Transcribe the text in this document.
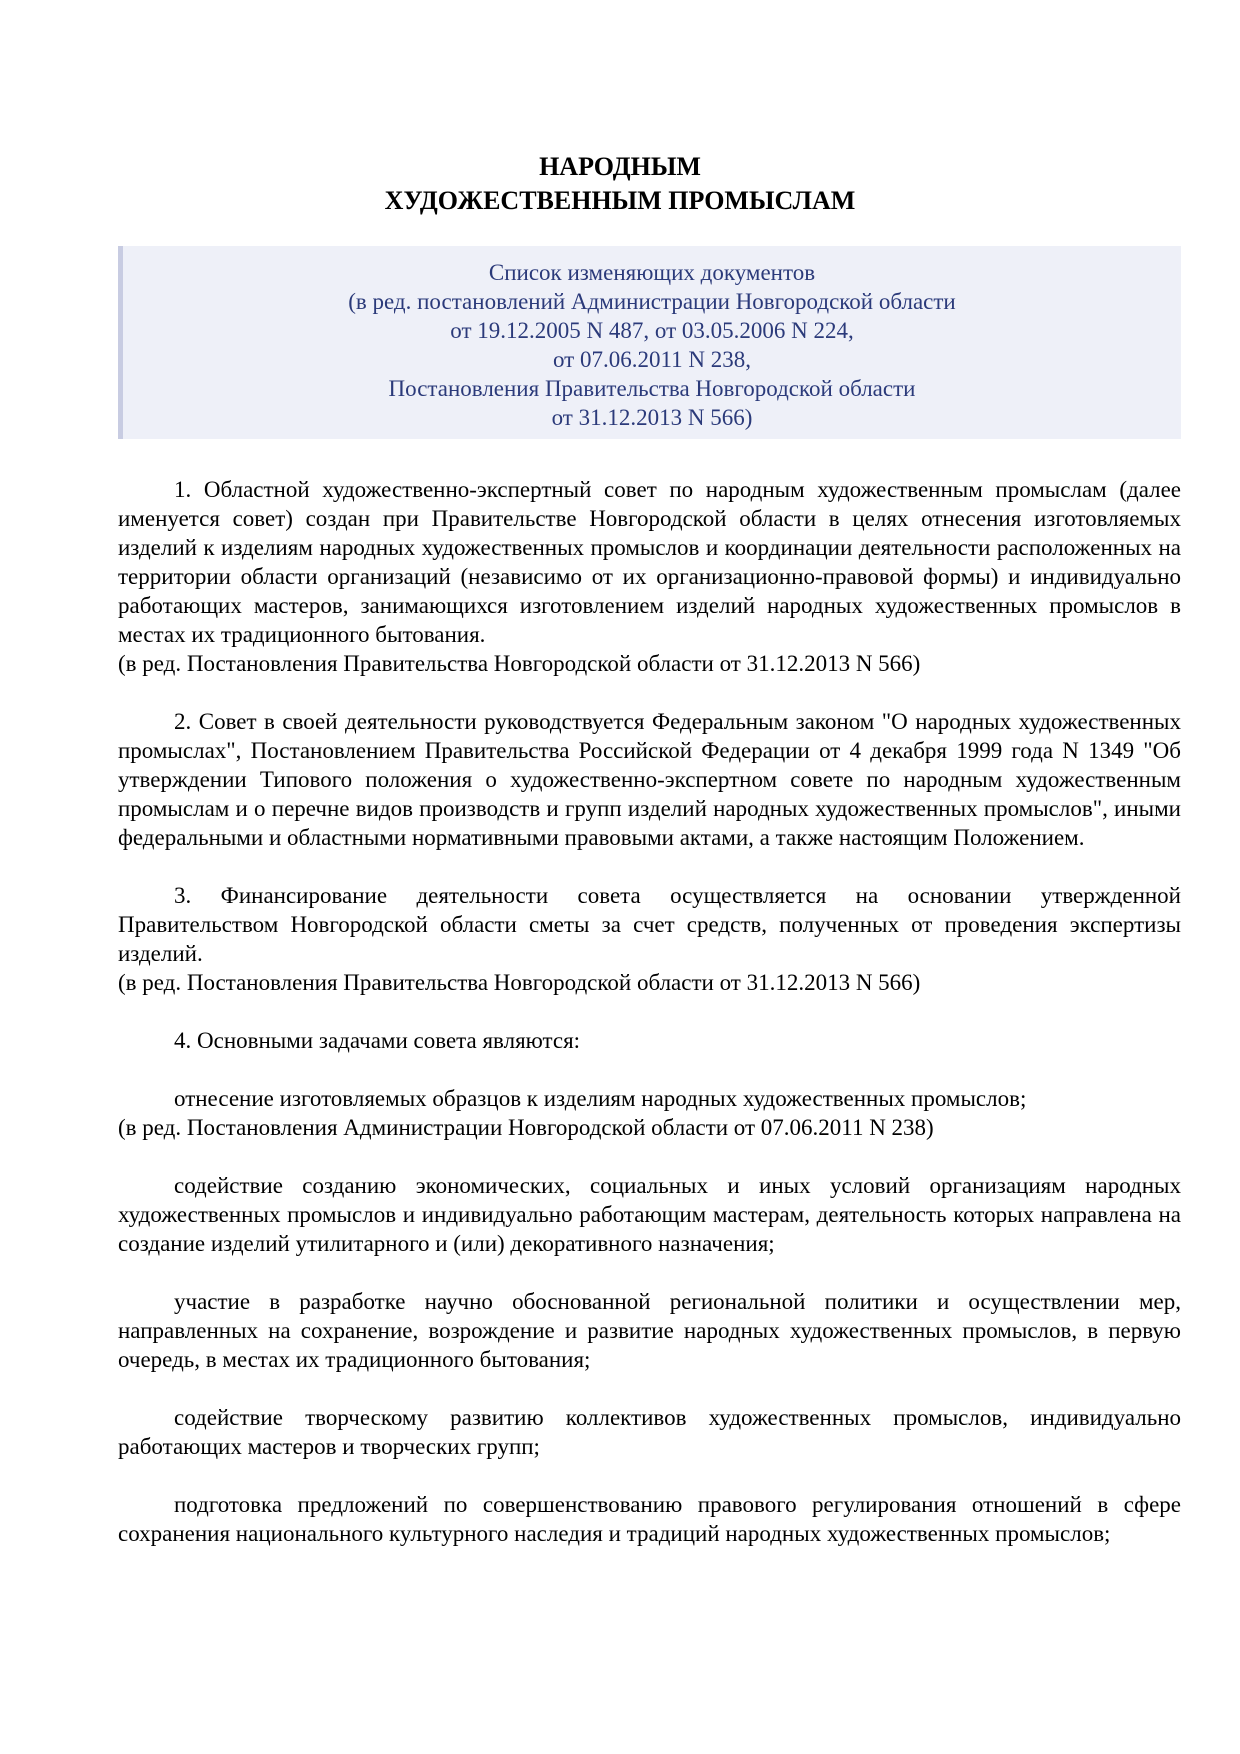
НАРОДНЫМ
ХУДОЖЕСТВЕННЫМ ПРОМЫСЛАМ
Список изменяющих документов
(в ред. постановлений Администрации Новгородской области
от 19.12.2005 N 487, от 03.05.2006 N 224,
от 07.06.2011 N 238,
Постановления Правительства Новгородской области
от 31.12.2013 N 566)

1. Областной художественно-экспертный совет по народным художественным промыслам (далее именуется совет) создан при Правительстве Новгородской области в целях отнесения изготовляемых изделий к изделиям народных художественных промыслов и координации деятельности расположенных на территории области организаций (независимо от их организационно-правовой формы) и индивидуально работающих мастеров, занимающихся изготовлением изделий народных художественных промыслов в местах их традиционного бытования.

(в ред. Постановления Правительства Новгородской области от 31.12.2013 N 566)

2. Совет в своей деятельности руководствуется Федеральным законом "О народных художественных промыслах", Постановлением Правительства Российской Федерации от 4 декабря 1999 года N 1349 "Об утверждении Типового положения о художественно-экспертном совете по народным художественным промыслам и о перечне видов производств и групп изделий народных художественных промыслов", иными федеральными и областными нормативными правовыми актами, а также настоящим Положением.

3. Финансирование деятельности совета осуществляется на основании утвержденной Правительством Новгородской области сметы за счет средств, полученных от проведения экспертизы изделий.

(в ред. Постановления Правительства Новгородской области от 31.12.2013 N 566)

4. Основными задачами совета являются:

отнесение изготовляемых образцов к изделиям народных художественных промыслов;

(в ред. Постановления Администрации Новгородской области от 07.06.2011 N 238)

содействие созданию экономических, социальных и иных условий организациям народных художественных промыслов и индивидуально работающим мастерам, деятельность которых направлена на создание изделий утилитарного и (или) декоративного назначения;

участие в разработке научно обоснованной региональной политики и осуществлении мер, направленных на сохранение, возрождение и развитие народных художественных промыслов, в первую очередь, в местах их традиционного бытования;

содействие творческому развитию коллективов художественных промыслов, индивидуально работающих мастеров и творческих групп;

подготовка предложений по совершенствованию правового регулирования отношений в сфере сохранения национального культурного наследия и традиций народных художественных промыслов;
